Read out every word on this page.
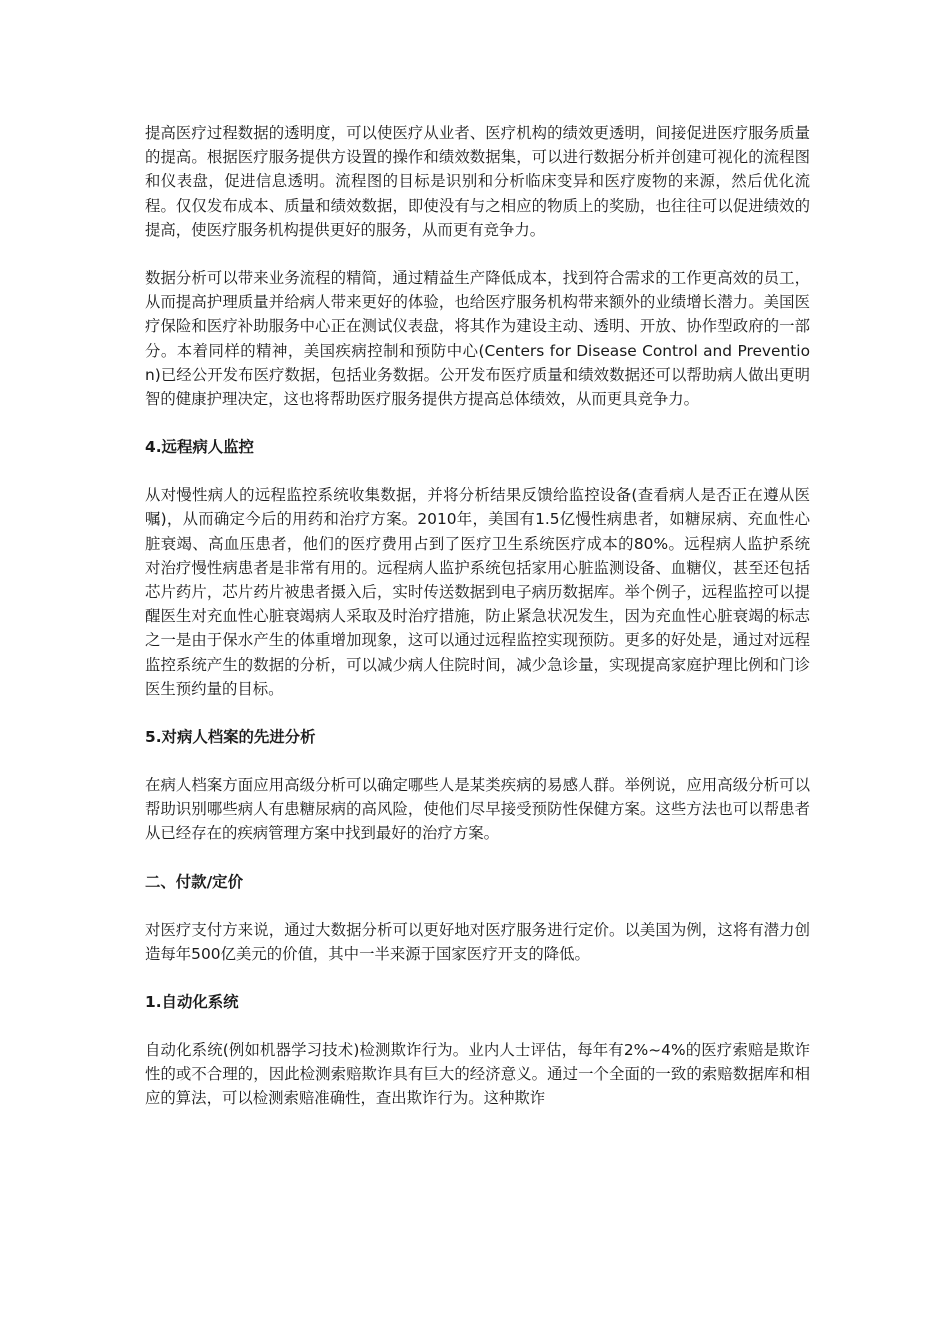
提高医疗过程数据的透明度，可以使医疗从业者、医疗机构的绩效更透明，间接促进医疗服务质量的提高。根据医疗服务提供方设置的操作和绩效数据集，可以进行数据分析并创建可视化的流程图和仪表盘，促进信息透明。流程图的目标是识别和分析临床变异和医疗废物的来源，然后优化流程。仅仅发布成本、质量和绩效数据，即使没有与之相应的物质上的奖励，也往往可以促进绩效的提高，使医疗服务机构提供更好的服务，从而更有竞争力。

数据分析可以带来业务流程的精简，通过精益生产降低成本，找到符合需求的工作更高效的员工，从而提高护理质量并给病人带来更好的体验，也给医疗服务机构带来额外的业绩增长潜力。美国医疗保险和医疗补助服务中心正在测试仪表盘，将其作为建设主动、透明、开放、协作型政府的一部分。本着同样的精神，美国疾病控制和预防中心(Centers for Disease Control and Prevention)已经公开发布医疗数据，包括业务数据。公开发布医疗质量和绩效数据还可以帮助病人做出更明智的健康护理决定，这也将帮助医疗服务提供方提高总体绩效，从而更具竞争力。

4.远程病人监控

从对慢性病人的远程监控系统收集数据，并将分析结果反馈给监控设备(查看病人是否正在遵从医嘱)，从而确定今后的用药和治疗方案。2010年，美国有1.5亿慢性病患者，如糖尿病、充血性心脏衰竭、高血压患者，他们的医疗费用占到了医疗卫生系统医疗成本的80%。远程病人监护系统对治疗慢性病患者是非常有用的。远程病人监护系统包括家用心脏监测设备、血糖仪，甚至还包括芯片药片，芯片药片被患者摄入后，实时传送数据到电子病历数据库。举个例子，远程监控可以提醒医生对充血性心脏衰竭病人采取及时治疗措施，防止紧急状况发生，因为充血性心脏衰竭的标志之一是由于保水产生的体重增加现象，这可以通过远程监控实现预防。更多的好处是，通过对远程监控系统产生的数据的分析，可以减少病人住院时间，减少急诊量，实现提高家庭护理比例和门诊医生预约量的目标。

5.对病人档案的先进分析

在病人档案方面应用高级分析可以确定哪些人是某类疾病的易感人群。举例说，应用高级分析可以帮助识别哪些病人有患糖尿病的高风险，使他们尽早接受预防性保健方案。这些方法也可以帮患者从已经存在的疾病管理方案中找到最好的治疗方案。

二、付款/定价

对医疗支付方来说，通过大数据分析可以更好地对医疗服务进行定价。以美国为例，这将有潜力创造每年500亿美元的价值，其中一半来源于国家医疗开支的降低。

1.自动化系统

自动化系统(例如机器学习技术)检测欺诈行为。业内人士评估，每年有2%~4%的医疗索赔是欺诈性的或不合理的，因此检测索赔欺诈具有巨大的经济意义。通过一个全面的一致的索赔数据库和相应的算法，可以检测索赔准确性，查出欺诈行为。这种欺诈
